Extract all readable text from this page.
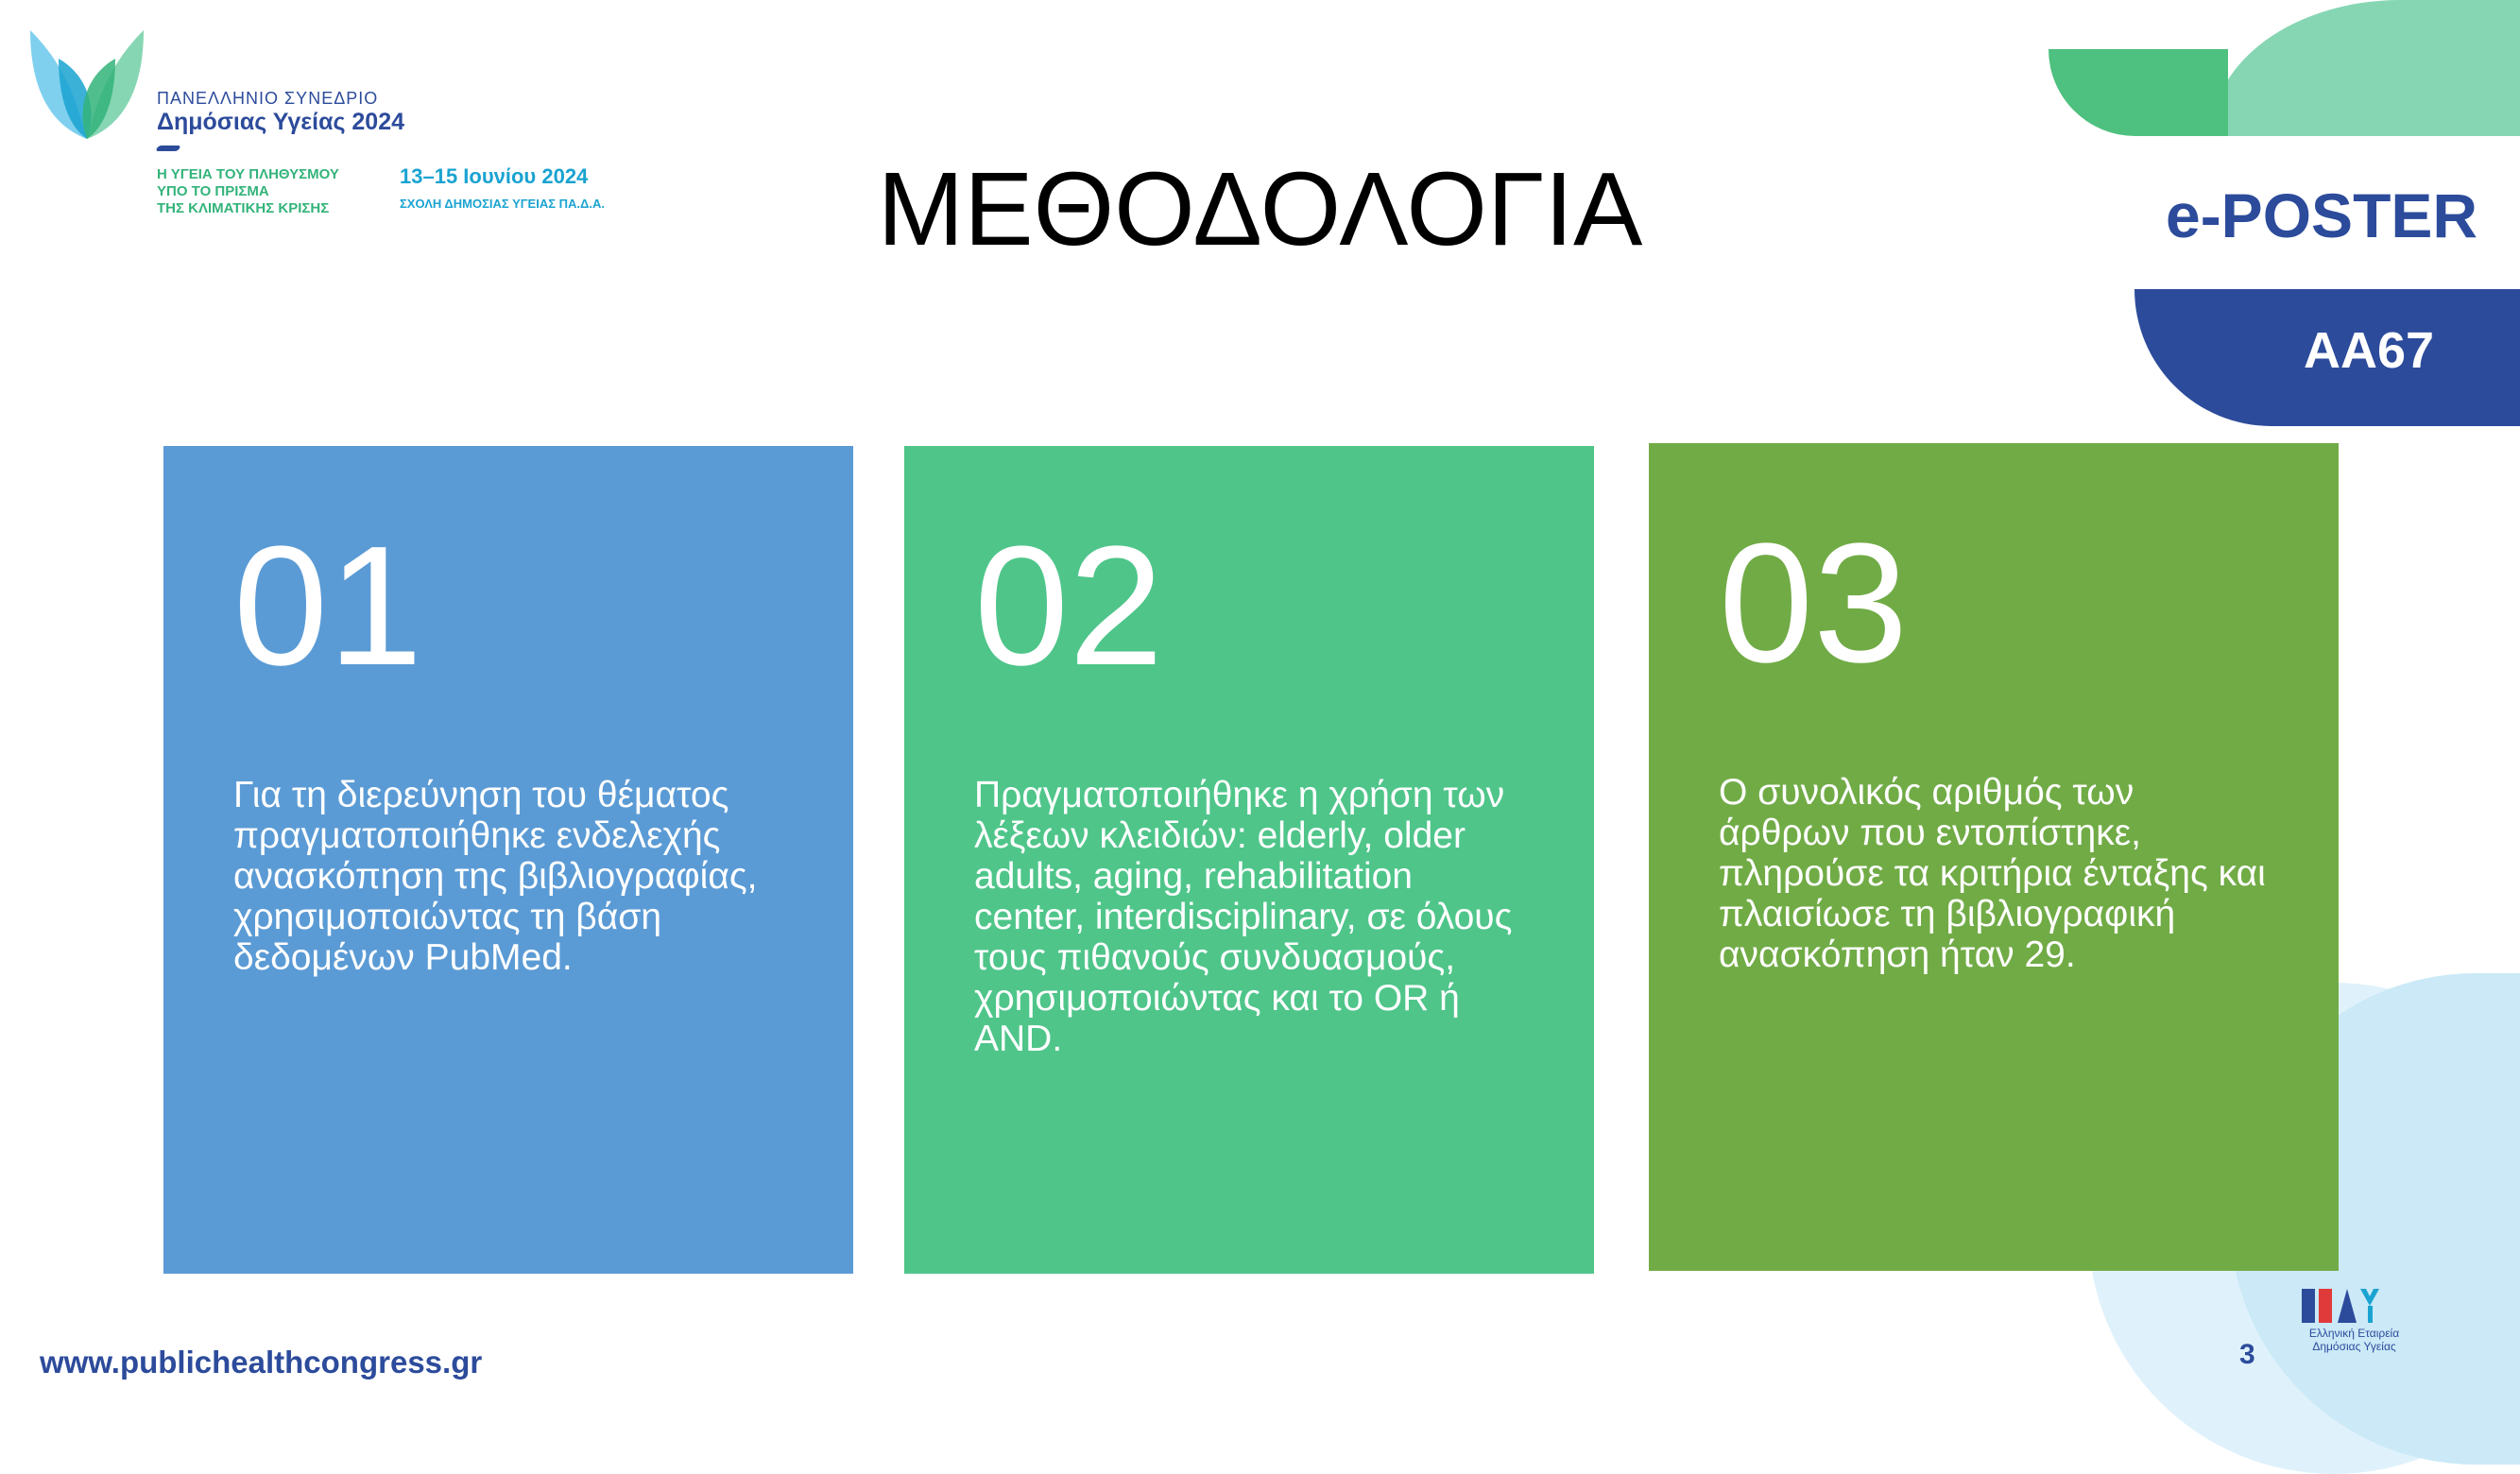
ΠΑΝΕΛΛΗΝΙΟ ΣΥΝΕΔΡΙΟ
Δημόσιας Υγείας 2024
Η ΥΓΕΙΑ ΤΟΥ ΠΛΗΘΥΣΜΟΥ
ΥΠΟ ΤΟ ΠΡΙΣΜΑ
ΤΗΣ ΚΛΙΜΑΤΙΚΗΣ ΚΡΙΣΗΣ
13–15 Ιουνίου 2024
ΣΧΟΛΗ ΔΗΜΟΣΙΑΣ ΥΓΕΙΑΣ ΠΑ.Δ.Α.	ΜΕΘΟΔΟΛΟΓΙΑ	e-POSTER
AA67
01
Για τη διερεύνηση του θέματος πραγματοποιήθηκε ενδελεχής ανασκόπηση της βιβλιογραφίας, χρησιμοποιώντας τη βάση δεδομένων PubMed.
02
Πραγματοποιήθηκε η χρήση των λέξεων κλειδιών: elderly, older adults, aging, rehabilitation center, interdisciplinary, σε όλους τους πιθανούς συνδυασμούς, χρησιμοποιώντας και το OR ή AND.
03
Ο συνολικός αριθμός των άρθρων που εντοπίστηκε, πληρούσε τα κριτήρια ένταξης και πλαισίωσε τη βιβλιογραφική ανασκόπηση ήταν 29.
www.publichealthcongress.gr	3
Ελληνική Εταιρεία Δημόσιας Υγείας
